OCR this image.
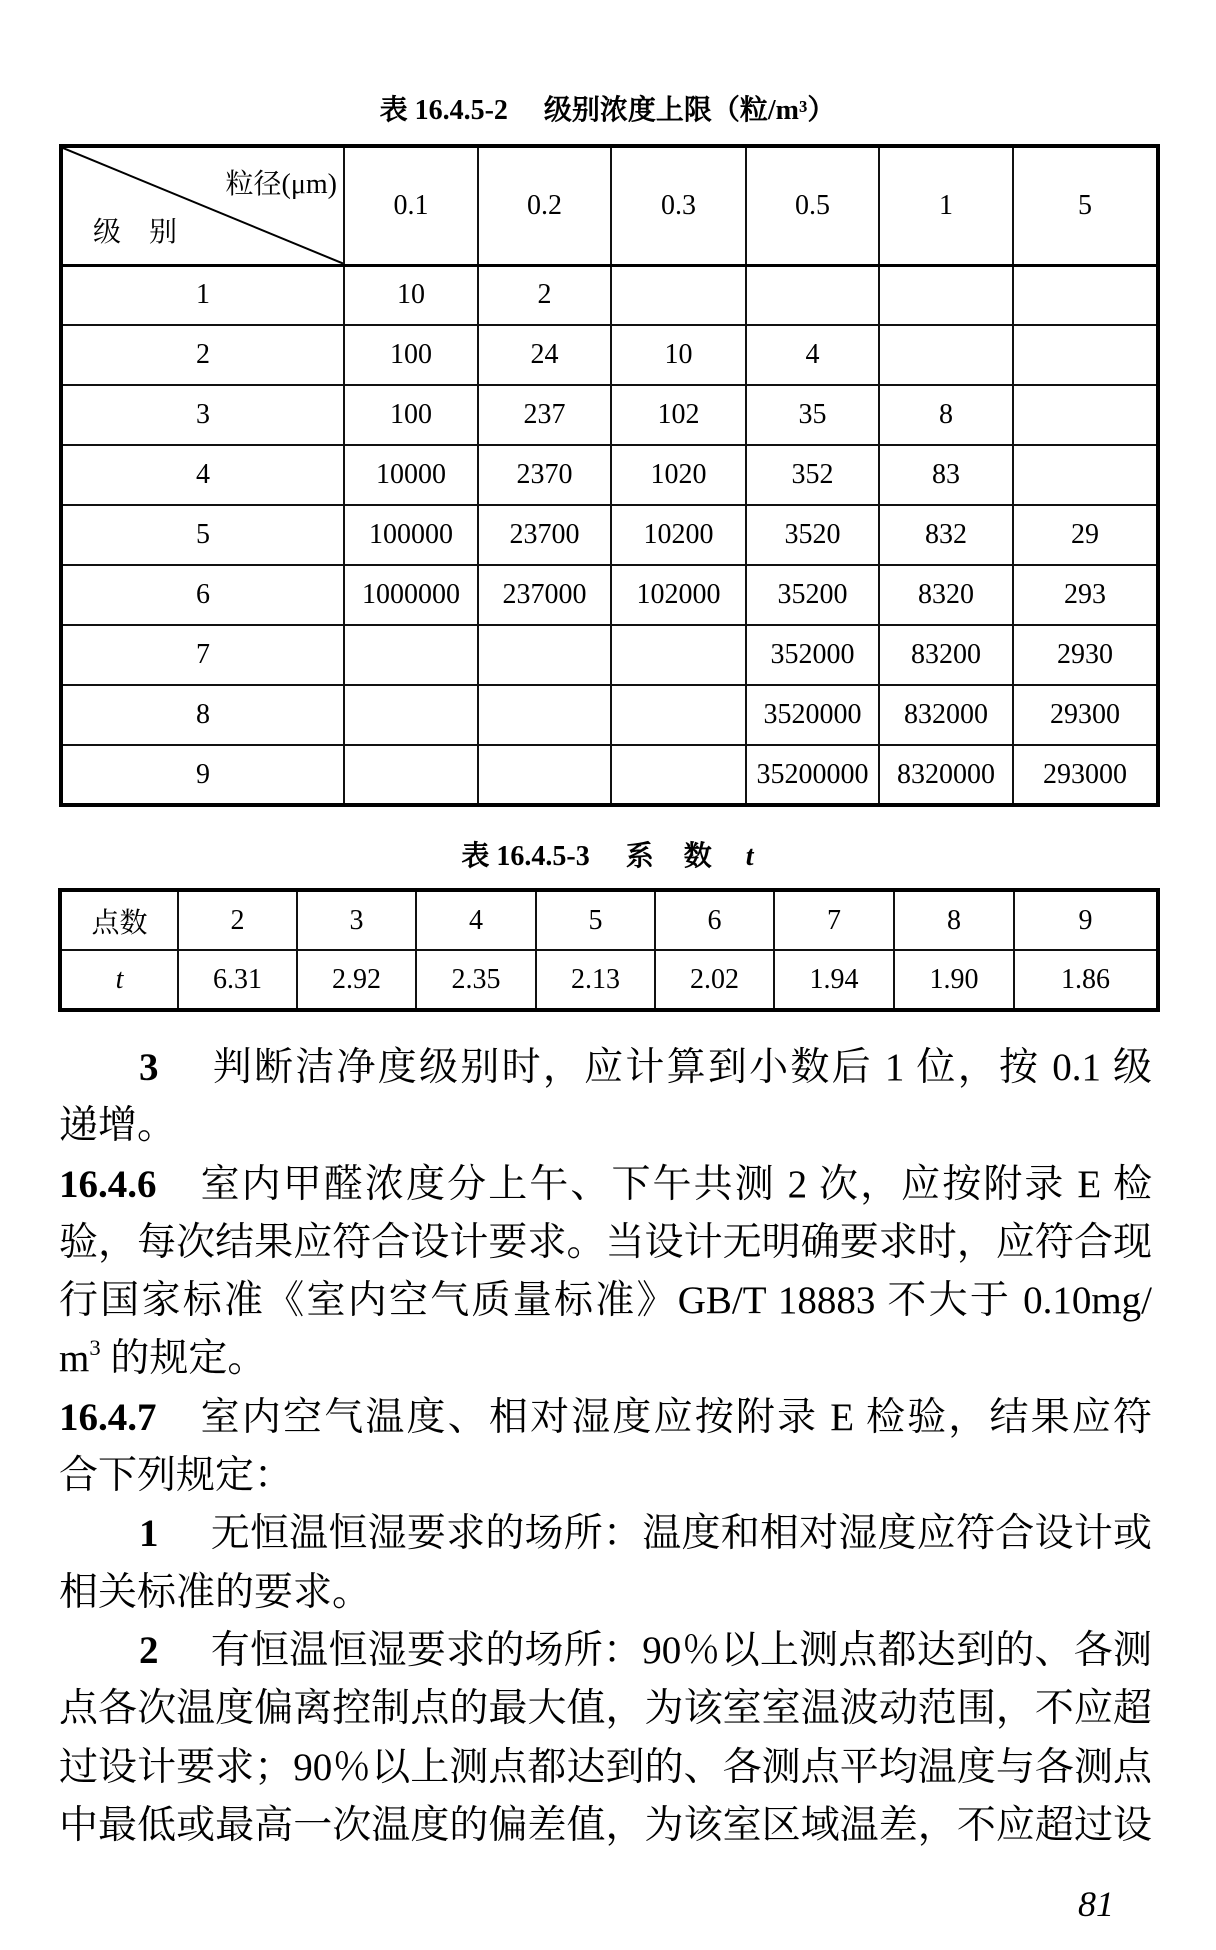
表 16.4.5-2 级别浓度上限（粒/m³）
粒径(μm)
级　别	0.1	0.2	0.3	0.5	1	5
1	10	2				
2	100	24	10	4		
3	100	237	102	35	8	
4	10000	2370	1020	352	83	
5	100000	23700	10200	3520	832	29
6	1000000	237000	102000	35200	8320	293
7				352000	83200	2930
8				3520000	832000	29300
9				35200000	8320000	293000
表 16.4.5-3 系 数 t
点数	2	3	4	5	6	7	8	9
t	6.31	2.92	2.35	2.13	2.02	1.94	1.90	1.86
3 判断洁净度级别时，应计算到小数后 1 位，按 0.1 级
递增。
16.4.6 室内甲醛浓度分上午、下午共测 2 次，应按附录 E 检
验，每次结果应符合设计要求。当设计无明确要求时，应符合现
行国家标准《室内空气质量标准》GB/T 18883 不大于 0.10mg/
$m^3$ 的规定。
16.4.7 室内空气温度、相对湿度应按附录 E 检验，结果应符
合下列规定：
1 无恒温恒湿要求的场所：温度和相对湿度应符合设计或
相关标准的要求。
2 有恒温恒湿要求的场所：90％以上测点都达到的、各测
点各次温度偏离控制点的最大值，为该室室温波动范围，不应超
过设计要求；90％以上测点都达到的、各测点平均温度与各测点
中最低或最高一次温度的偏差值，为该室区域温差，不应超过设
81
